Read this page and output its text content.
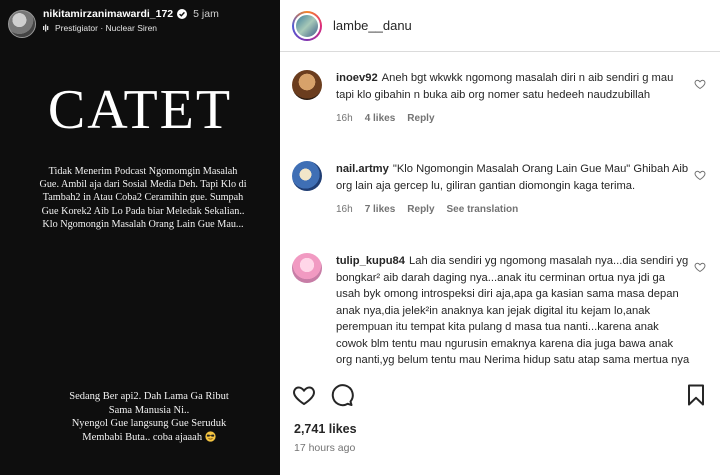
nikitamirzanimawardi_172 5 jam
Prestigiator · Nuclear Siren
CATET
Tidak Menerim Podcast Ngomomgin Masalah
Gue. Ambil aja dari Sosial Media Deh. Tapi Klo di
Tambah2 in Atau Coba2 Ceramihin gue. Sumpah
Gue Korek2 Aib Lo Pada biar Meledak Sekalian..
Klo Ngomongin Masalah Orang Lain Gue Mau...
Sedang Ber api2. Dah Lama Ga Ribut
Sama Manusia Ni..
Nyengol Gue langsung Gue Seruduk
Membabi Buta.. coba ajaaah
lambe__danu
inoev92 Aneh bgt wkwkk ngomong masalah diri n aib sendiri g mau tapi klo gibahin n buka aib org nomer satu hedeeh naudzubillah
16h 4 likes Reply
nail.artmy "Klo Ngomongin Masalah Orang Lain Gue Mau" Ghibah Aib org lain aja gercep lu, giliran gantian diomongin kaga terima.
16h 7 likes Reply See translation
tulip_kupu84 Lah dia sendiri yg ngomong masalah nya...dia sendiri yg bongkar² aib darah daging nya...anak itu cerminan ortua nya jdi ga usah byk omong introspeksi diri aja,apa ga kasian sama masa depan anak nya,dia jelek²in anaknya kan jejak digital itu kejam lo,anak perempuan itu tempat kita pulang d masa tua nanti...karena anak cowok blm tentu mau ngurusin emaknya karena dia juga bawa anak org nanti,yg belum tentu mau Nerima hidup satu atap sama mertua nya
2,741 likes
17 hours ago
